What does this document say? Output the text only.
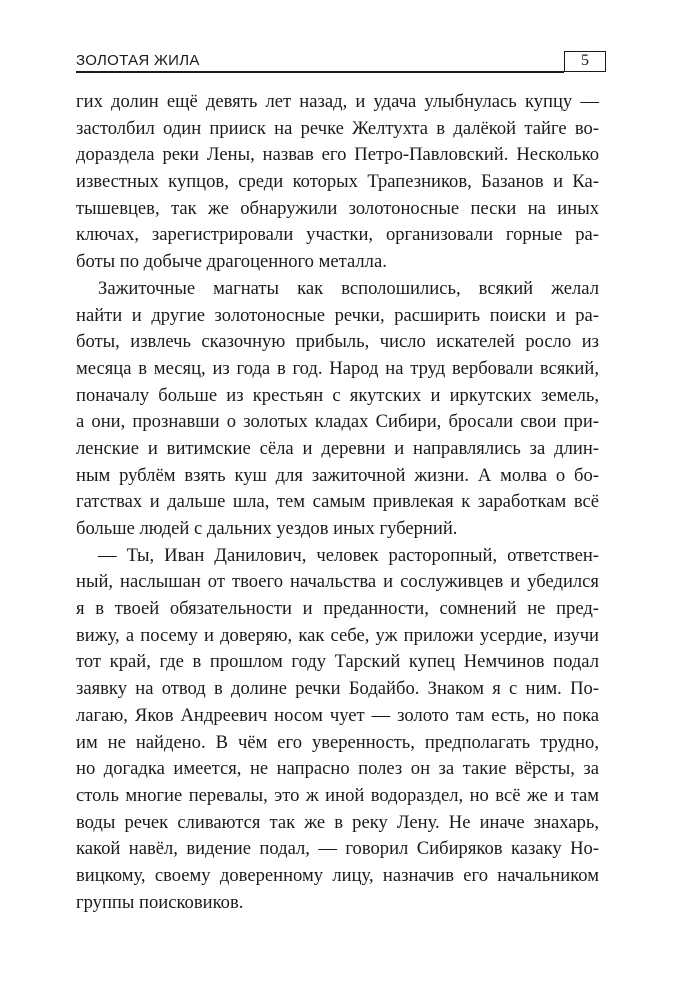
ЗОЛОТАЯ ЖИЛА	5
гих долин ещё девять лет назад, и удача улыбнулась купцу —
застолбил один прииск на речке Желтухта в далёкой тайге во-
дораздела реки Лены, назвав его Петро-Павловский. Несколько
известных купцов, среди которых Трапезников, Базанов и Ка-
тышевцев, так же обнаружили золотоносные пески на иных
ключах, зарегистрировали участки, организовали горные ра-
боты по добыче драгоценного металла.
Зажиточные магнаты как всполошились, всякий желал
найти и другие золотоносные речки, расширить поиски и ра-
боты, извлечь сказочную прибыль, число искателей росло из
месяца в месяц, из года в год. Народ на труд вербовали всякий,
поначалу больше из крестьян с якутских и иркутских земель,
а они, прознавши о золотых кладах Сибири, бросали свои при-
ленские и витимские сёла и деревни и направлялись за длин-
ным рублём взять куш для зажиточной жизни. А молва о бо-
гатствах и дальше шла, тем самым привлекая к заработкам всё
больше людей с дальних уездов иных губерний.
— Ты, Иван Данилович, человек расторопный, ответствен-
ный, наслышан от твоего начальства и сослуживцев и убедился
я в твоей обязательности и преданности, сомнений не пред-
вижу, а посему и доверяю, как себе, уж приложи усердие, изучи
тот край, где в прошлом году Тарский купец Немчинов подал
заявку на отвод в долине речки Бодайбо. Знаком я с ним. По-
лагаю, Яков Андреевич носом чует — золото там есть, но пока
им не найдено. В чём его уверенность, предполагать трудно,
но догадка имеется, не напрасно полез он за такие вёрсты, за
столь многие перевалы, это ж иной водораздел, но всё же и там
воды речек сливаются так же в реку Лену. Не иначе знахарь,
какой навёл, видение подал, — говорил Сибиряков казаку Но-
вицкому, своему доверенному лицу, назначив его начальником
группы поисковиков.
